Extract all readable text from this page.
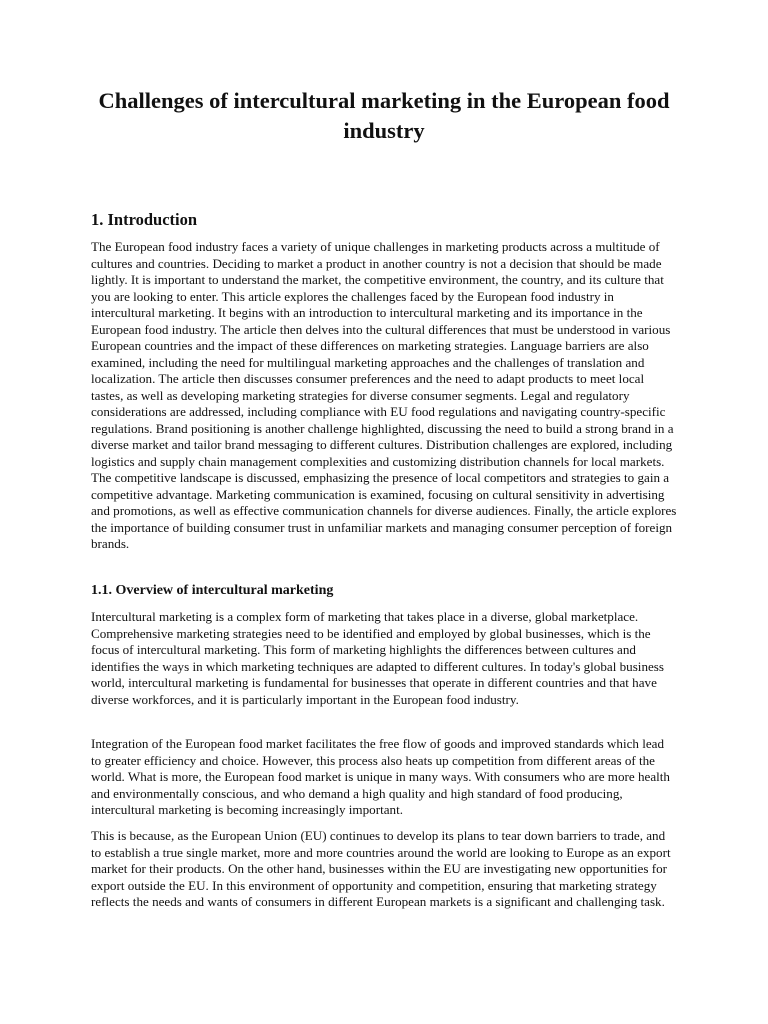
Challenges of intercultural marketing in the European food industry
1. Introduction

The European food industry faces a variety of unique challenges in marketing products across a multitude of cultures and countries. Deciding to market a product in another country is not a decision that should be made lightly. It is important to understand the market, the competitive environment, the country, and its culture that you are looking to enter. This article explores the challenges faced by the European food industry in intercultural marketing. It begins with an introduction to intercultural marketing and its importance in the European food industry. The article then delves into the cultural differences that must be understood in various European countries and the impact of these differences on marketing strategies. Language barriers are also examined, including the need for multilingual marketing approaches and the challenges of translation and localization. The article then discusses consumer preferences and the need to adapt products to meet local tastes, as well as developing marketing strategies for diverse consumer segments. Legal and regulatory considerations are addressed, including compliance with EU food regulations and navigating country-specific regulations. Brand positioning is another challenge highlighted, discussing the need to build a strong brand in a diverse market and tailor brand messaging to different cultures. Distribution challenges are explored, including logistics and supply chain management complexities and customizing distribution channels for local markets. The competitive landscape is discussed, emphasizing the presence of local competitors and strategies to gain a competitive advantage. Marketing communication is examined, focusing on cultural sensitivity in advertising and promotions, as well as effective communication channels for diverse audiences. Finally, the article explores the importance of building consumer trust in unfamiliar markets and managing consumer perception of foreign brands.

1.1. Overview of intercultural marketing

Intercultural marketing is a complex form of marketing that takes place in a diverse, global marketplace. Comprehensive marketing strategies need to be identified and employed by global businesses, which is the focus of intercultural marketing. This form of marketing highlights the differences between cultures and identifies the ways in which marketing techniques are adapted to different cultures. In today's global business world, intercultural marketing is fundamental for businesses that operate in different countries and that have diverse workforces, and it is particularly important in the European food industry.

Integration of the European food market facilitates the free flow of goods and improved standards which lead to greater efficiency and choice. However, this process also heats up competition from different areas of the world. What is more, the European food market is unique in many ways. With consumers who are more health and environmentally conscious, and who demand a high quality and high standard of food producing, intercultural marketing is becoming increasingly important.

This is because, as the European Union (EU) continues to develop its plans to tear down barriers to trade, and to establish a true single market, more and more countries around the world are looking to Europe as an export market for their products. On the other hand, businesses within the EU are investigating new opportunities for export outside the EU. In this environment of opportunity and competition, ensuring that marketing strategy reflects the needs and wants of consumers in different European markets is a significant and challenging task.
